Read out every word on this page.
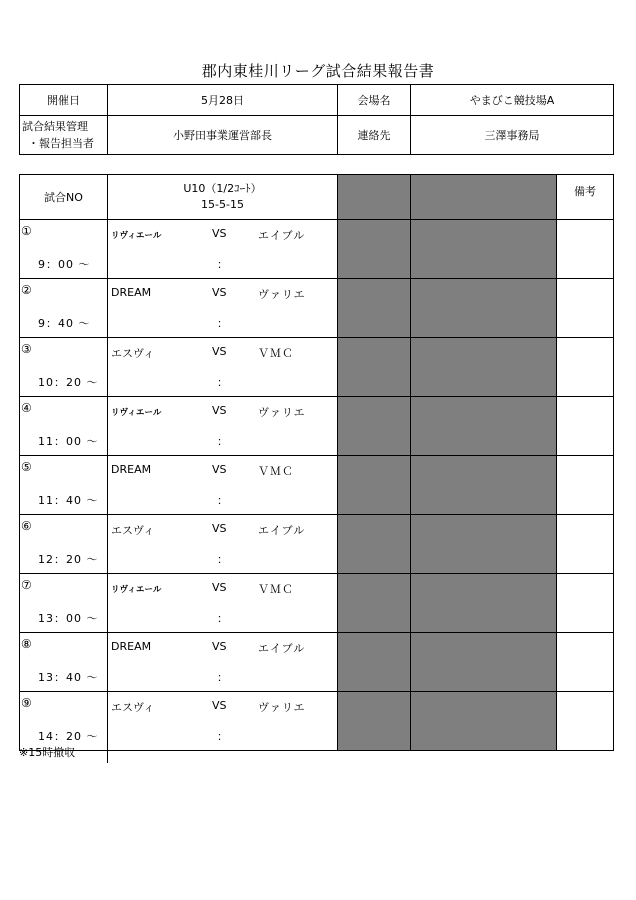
郡内東桂川リーグ試合結果報告書
開催日	5月28日	会場名	やまびこ競技場A

試合結果管理
・報告担当者	小野田事業運営部長	連絡先	三澤事務局
試合NO	U10（1/2ｺｰﾄ）
15-5-15			備考

①
9：00 ～	リヴィエール VS エイブル
：			

②
9：40 ～	DREAM VS ヴァリエ
：			

③
10：20 ～	エスヴィ VS ＶＭＣ
：			

④
11：00 ～	リヴィエール VS ヴァリエ
：			

⑤
11：40 ～	DREAM VS ＶＭＣ
：			

⑥
12：20 ～	エスヴィ VS エイブル
：			

⑦
13：00 ～	リヴィエール VS ＶＭＣ
：			

⑧
13：40 ～	DREAM VS エイブル
：			

⑨
14：20 ～	エスヴィ VS ヴァリエ
：			

※15時撤収
